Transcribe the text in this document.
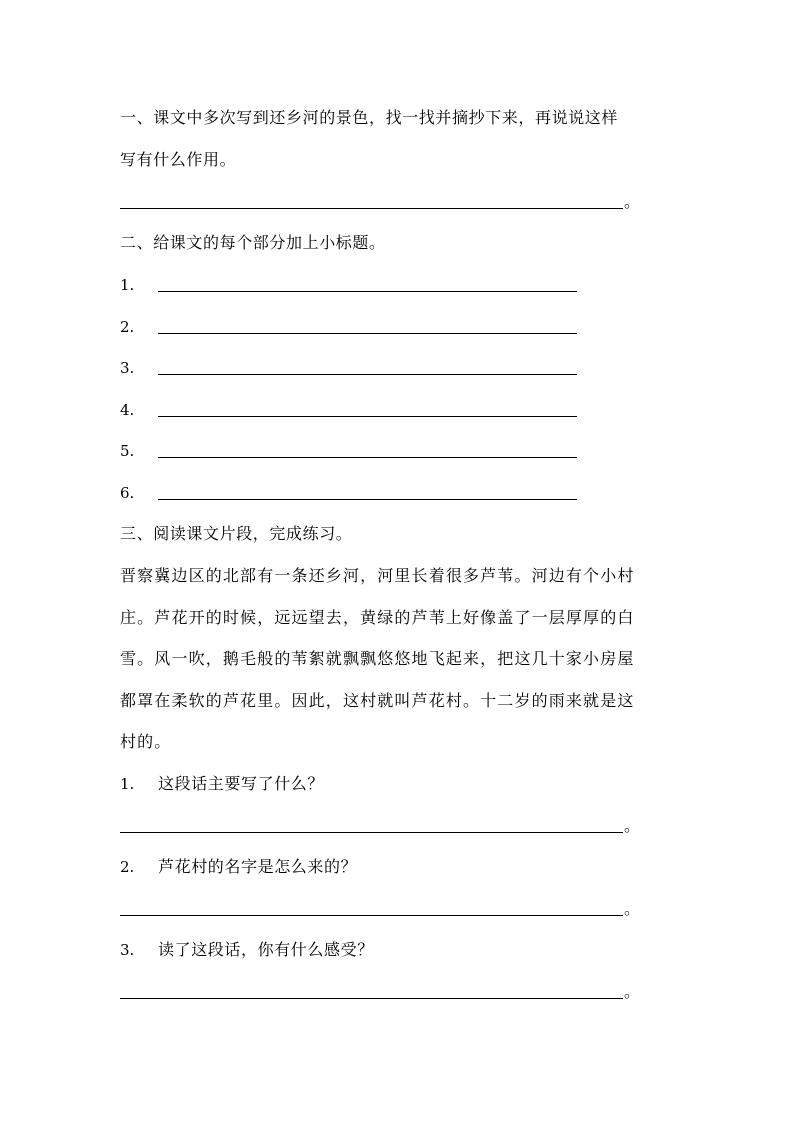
一、课文中多次写到还乡河的景色，找一找并摘抄下来，再说说这样
写有什么作用。
。
二、给课文的每个部分加上小标题。
1.
2.
3.
4.
5.
6.
三、阅读课文片段，完成练习。
晋察冀边区的北部有一条还乡河，河里长着很多芦苇。河边有个小村
庄。芦花开的时候，远远望去，黄绿的芦苇上好像盖了一层厚厚的白
雪。风一吹，鹅毛般的苇絮就飘飘悠悠地飞起来，把这几十家小房屋
都罩在柔软的芦花里。因此，这村就叫芦花村。十二岁的雨来就是这
村的。
1. 这段话主要写了什么？
。
2. 芦花村的名字是怎么来的？
。
3. 读了这段话，你有什么感受？
。
